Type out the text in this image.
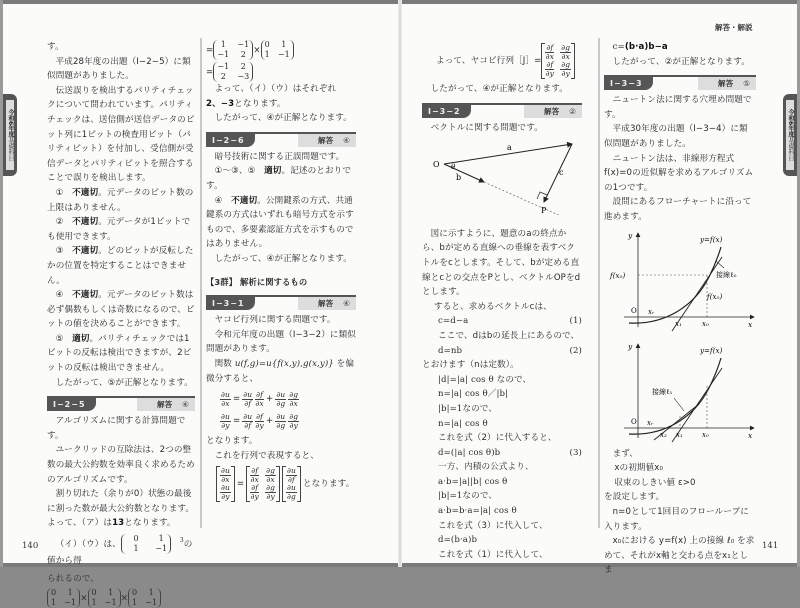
令和6年度基礎科目
令和6年度基礎科目
解答・解説

す。

平成28年度の出題（Ⅰ−2−5）に類似問題がありました。

伝送誤りを検出するパリティチェックについて問われています。パリティチェックは、送信側が送信データのビット列に1ビットの検査用ビット（パリティビット）を付加し、受信側が受信データとパリティビットを照合することで誤りを検出します。

①　 不適切。元データのビット数の上限はありません。

②　 不適切。元データが1ビットでも使用できます。

③　 不適切。どのビットが反転したかの位置を特定することはできません。

④　 不適切。元データのビット数は必ず偶数もしくは奇数になるので、ビットの値を決めることができます。

⑤　 適切。パリティチェックでは1ビットの反転は検出できますが、2ビットの反転は検出できません。

したがって、⑤が正解となります。

Ⅰ−2−5	解答 ④

アルゴリズムに関する計算問題です。

ユークリッドの互除法は、2つの整数の最大公約数を効率良く求めるためのアルゴリズムです。

割り切れた（余りが0）状態の最後に割った数が最大公約数となります。よって、（ア）は13となります。

（イ）（ウ）は、
0	1
1	−1
$^3$ の値から得

られるので、

0	1
1 −1 ×
0	1
1 −1 ×
0	1
1 −1

140

=
1	−1
−1	2 ×
0	1
1 −1

=
−1	2
2	−3

よって、（イ）（ウ）はそれぞれ2、−3となります。

したがって、④が正解となります。

Ⅰ−2−6	解答 ④

暗号技術に関する正誤問題です。

①〜③、⑤　 適切。記述のとおりです。

④　 不適切。公開鍵系の方式、共通鍵系の方式はいずれも暗号方式を示すもので、多要素認証方式を示すものではありません。

したがって、④が正解となります。

【3群】 解析に関するもの
Ⅰ−3−1	解答 ④

ヤコビ行列に関する問題です。

令和元年度の出題（Ⅰ−3−2）に類似問題があります。

関数 u(f,g)=u{f(x,y),g(x,y)} を偏微分すると、

$\frac{\partial u}{\partial x} = \frac{\partial u}{\partial f} \frac{\partial f}{\partial x} + \frac{\partial u}{\partial g} \frac{\partial g}{\partial x}$
$\frac{\partial u}{\partial y} = \frac{\partial u}{\partial f} \frac{\partial f}{\partial y} + \frac{\partial u}{\partial g} \frac{\partial g}{\partial y}$

となります。

これを行列で表現すると、

$\frac{\partial u}{\partial x}$
$\frac{\partial u}{\partial y}$
= $\frac{\partial f}{\partial x} \frac{\partial g}{\partial x}$
$\frac{\partial f}{\partial y} \frac{\partial g}{\partial y}$
$\frac{\partial u}{\partial f}$
$\frac{\partial u}{\partial g}$
となります。
よって、ヤコビ行列［J］= $\frac{\partial f}{\partial x} \frac{\partial g}{\partial x}$
$\frac{\partial f}{\partial y} \frac{\partial g}{\partial y}$

したがって、④が正解となります。

Ⅰ−3−2	解答 ②

ベクトルに関する問題です。

O
a
b
c
P
θ

図に示すように、題意のaの終点から、bが定める直線への垂線を表すベクトルをcとします。そして、bが定める直線とcとの交点をPとし、ベクトルOPをdとします。

すると、求めるベクトルcは、
c=d−a	(1)
ここで、dはbの延長上にあるので、
d=nb	(2)
とおけます（nは定数）。
|d|=|a| cos θ なので、
n=|a| cos θ／|b|
|b|=1なので、
n=|a| cos θ
これを式（2）に代入すると、
d=(|a| cos θ)b	(3)
一方、内積の公式より、
a·b=|a||b| cos θ
|b|=1なので、
a·b=b·a=|a| cos θ
これを式（3）に代入して、
d=(b·a)b
これを式（1）に代入して、

c=(b·a)b−a

したがって、②が正解となります。

Ⅰ−3−3	解答 ⑤

ニュートン法に関する穴埋め問題です。

平成30年度の出題（Ⅰ−3−4）に類似問題がありました。

ニュートン法は、非線形方程式f(x)=0の近似解を求めるアルゴリズムの1つです。

設問にあるフローチャートに沿って進めます。

y
x
O
y=f(x)
f(x₀)
f(x₀)
接線ℓ₀
xᵣ
x₁	x₀
y
x
O
y=f(x)
接線ℓ₁
xᵣ
x₂ x₁	x₀

まず、

xの初期値x₀

収束のしきい値 ε>0

を設定します。

n=0として1回目のフローループに入ります。

x₀における y=f(x) 上の接線 ℓ₀ を求めて、それがx軸と交わる点をx₁としま

141
